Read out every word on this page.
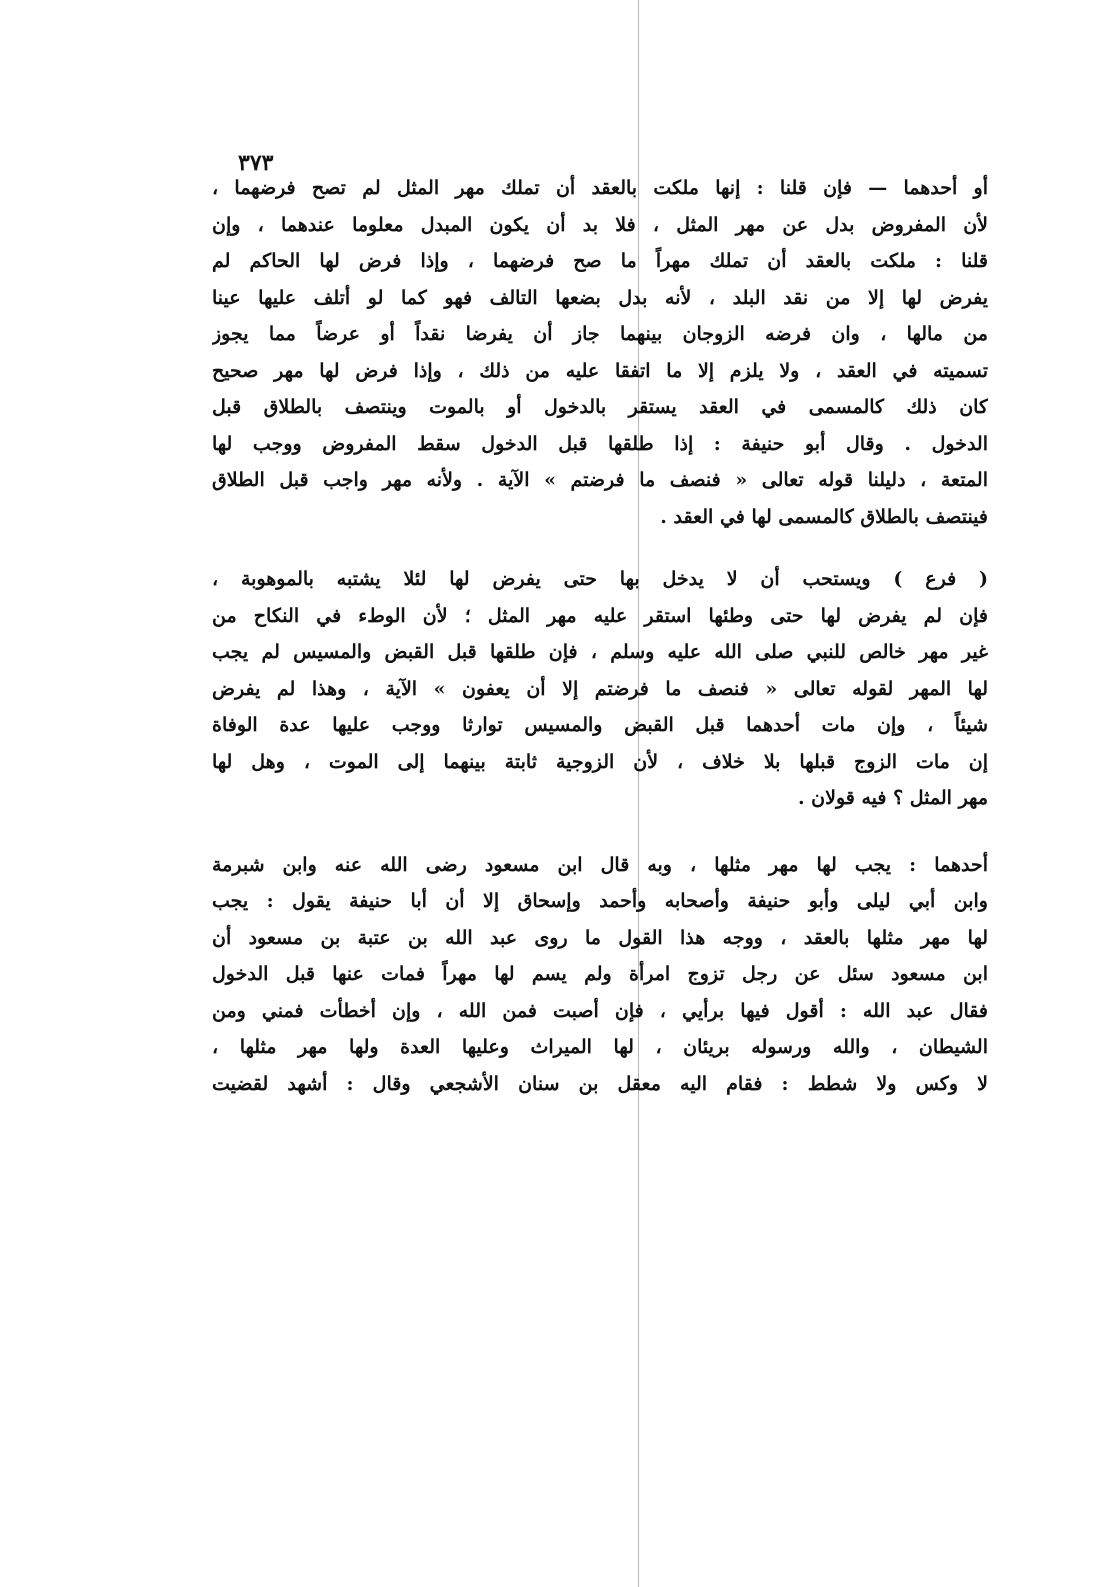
٣٧٣
أو أحدهما — فإن قلنا : إنها ملكت بالعقد أن تملك مهر المثل لم تصح فرضهما ،
لأن المفروض بدل عن مهر المثل ، فلا بد أن يكون المبدل معلوما عندهما ، وإن
قلنا : ملكت بالعقد أن تملك مهراً ما صح فرضهما ، وإذا فرض لها الحاكم لم
يفرض لها إلا من نقد البلد ، لأنه بدل بضعها التالف فهو كما لو أتلف عليها عينا
من مالها ، وان فرضه الزوجان بينهما جاز أن يفرضا نقداً أو عرضاً مما يجوز
تسميته في العقد ، ولا يلزم إلا ما اتفقا عليه من ذلك ، وإذا فرض لها مهر صحيح
كان ذلك كالمسمى في العقد يستقر بالدخول أو بالموت وينتصف بالطلاق قبل
الدخول . وقال أبو حنيفة : إذا طلقها قبل الدخول سقط المفروض ووجب لها
المتعة ، دليلنا قوله تعالى « فنصف ما فرضتم » الآية . ولأنه مهر واجب قبل الطلاق
فينتصف بالطلاق كالمسمى لها في العقد .
( فرع ) ويستحب أن لا يدخل بها حتى يفرض لها لئلا يشتبه بالموهوبة ،
فإن لم يفرض لها حتى وطئها استقر عليه مهر المثل ؛ لأن الوطء في النكاح من
غير مهر خالص للنبي صلى الله عليه وسلم ، فإن طلقها قبل القبض والمسيس لم يجب
لها المهر لقوله تعالى « فنصف ما فرضتم إلا أن يعفون » الآية ، وهذا لم يفرض
شيئاً ، وإن مات أحدهما قبل القبض والمسيس توارثا ووجب عليها عدة الوفاة
إن مات الزوج قبلها بلا خلاف ، لأن الزوجية ثابتة بينهما إلى الموت ، وهل لها
مهر المثل ؟ فيه قولان .
أحدهما : يجب لها مهر مثلها ، وبه قال ابن مسعود رضى الله عنه وابن شبرمة
وابن أبي ليلى وأبو حنيفة وأصحابه وأحمد وإسحاق إلا أن أبا حنيفة يقول : يجب
لها مهر مثلها بالعقد ، ووجه هذا القول ما روى عبد الله بن عتبة بن مسعود أن
ابن مسعود سئل عن رجل تزوج امرأة ولم يسم لها مهراً فمات عنها قبل الدخول
فقال عبد الله : أقول فيها برأيي ، فإن أصبت فمن الله ، وإن أخطأت فمني ومن
الشيطان ، والله ورسوله بريئان ، لها الميراث وعليها العدة ولها مهر مثلها ،
لا وكس ولا شطط : فقام اليه معقل بن سنان الأشجعي وقال : أشهد لقضيت
